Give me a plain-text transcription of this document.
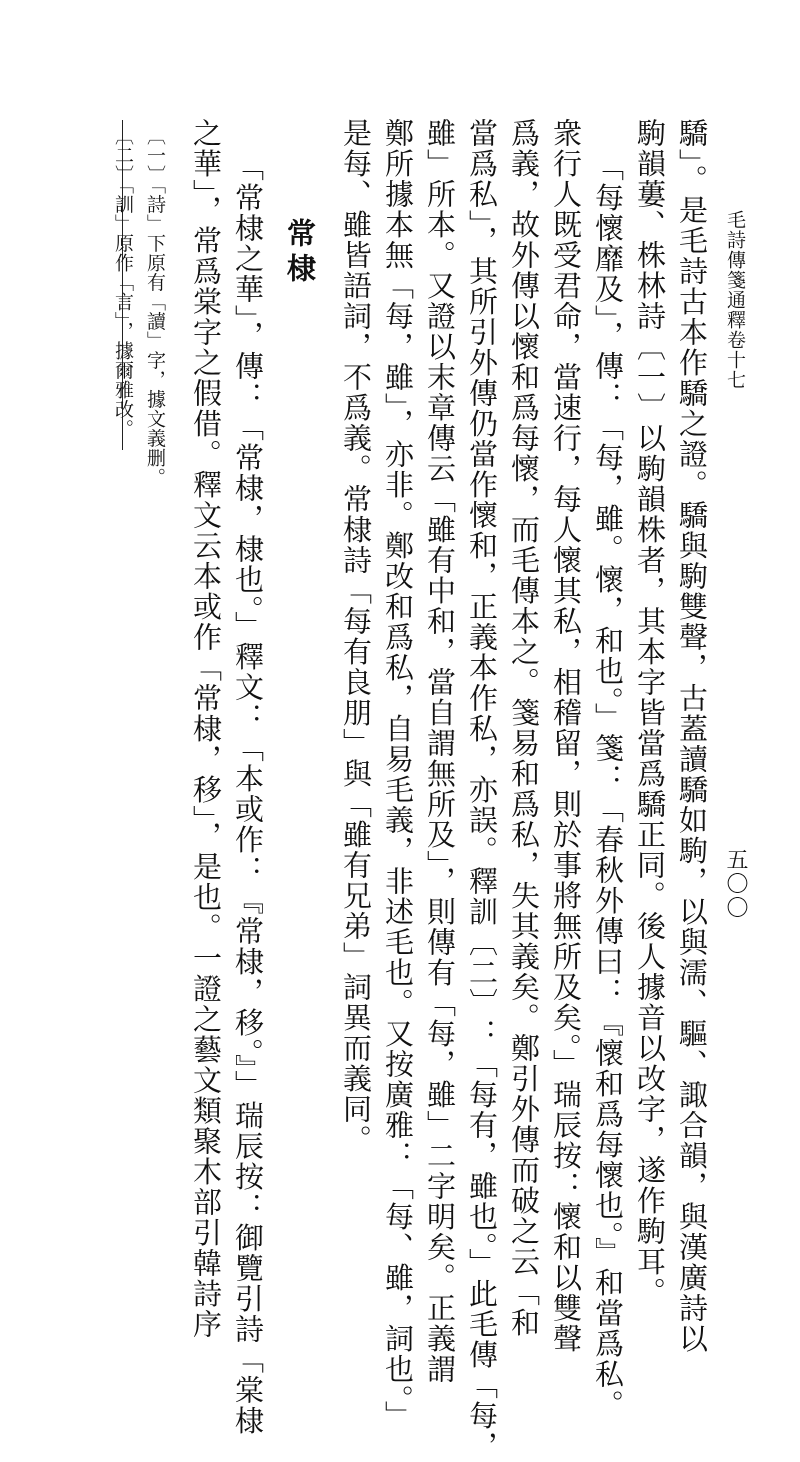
毛詩傳箋通釋卷十七
五〇〇
驕」。是毛詩古本作驕之證。驕與駒雙聲，古蓋讀驕如駒，以與濡、驅、諏合韻，與漢廣詩以
駒韻蔞、株林詩〔一〕以駒韻株者，其本字皆當爲驕正同。後人據音以改字，遂作駒耳。
「每懷靡及」，傳：「每，雖。懷，和也。」箋：「春秋外傳曰：『懷和爲每懷也。』和當爲私。
衆行人既受君命，當速行，每人懷其私，相稽留，則於事將無所及矣。」瑞辰按：懷和以雙聲
爲義，故外傳以懷和爲每懷，而毛傳本之。箋易和爲私，失其義矣。鄭引外傳而破之云「和
當爲私」，其所引外傳仍當作懷和，正義本作私，亦誤。釋訓〔二〕：「每有，雖也。」此毛傳「每，
雖」所本。又證以末章傳云「雖有中和，當自謂無所及」，則傳有「每，雖」二字明矣。正義謂
鄭所據本無「每，雖」，亦非。鄭改和爲私，自易毛義，非述毛也。又按廣雅：「每、雖，詞也。」
是每、雖皆語詞，不爲義。常棣詩「每有良朋」與「雖有兄弟」詞異而義同。
常棣
「常棣之華」，傳：「常棣，棣也。」釋文：「本或作：『常棣，移。』」瑞辰按：御覽引詩「棠棣
之華」，常爲棠字之假借。釋文云本或作「常棣，移」，是也。一證之藝文類聚木部引韓詩序
〔一〕「詩」下原有「讀」字，據文義删。
〔二〕「訓」原作「言」，據爾雅改。
